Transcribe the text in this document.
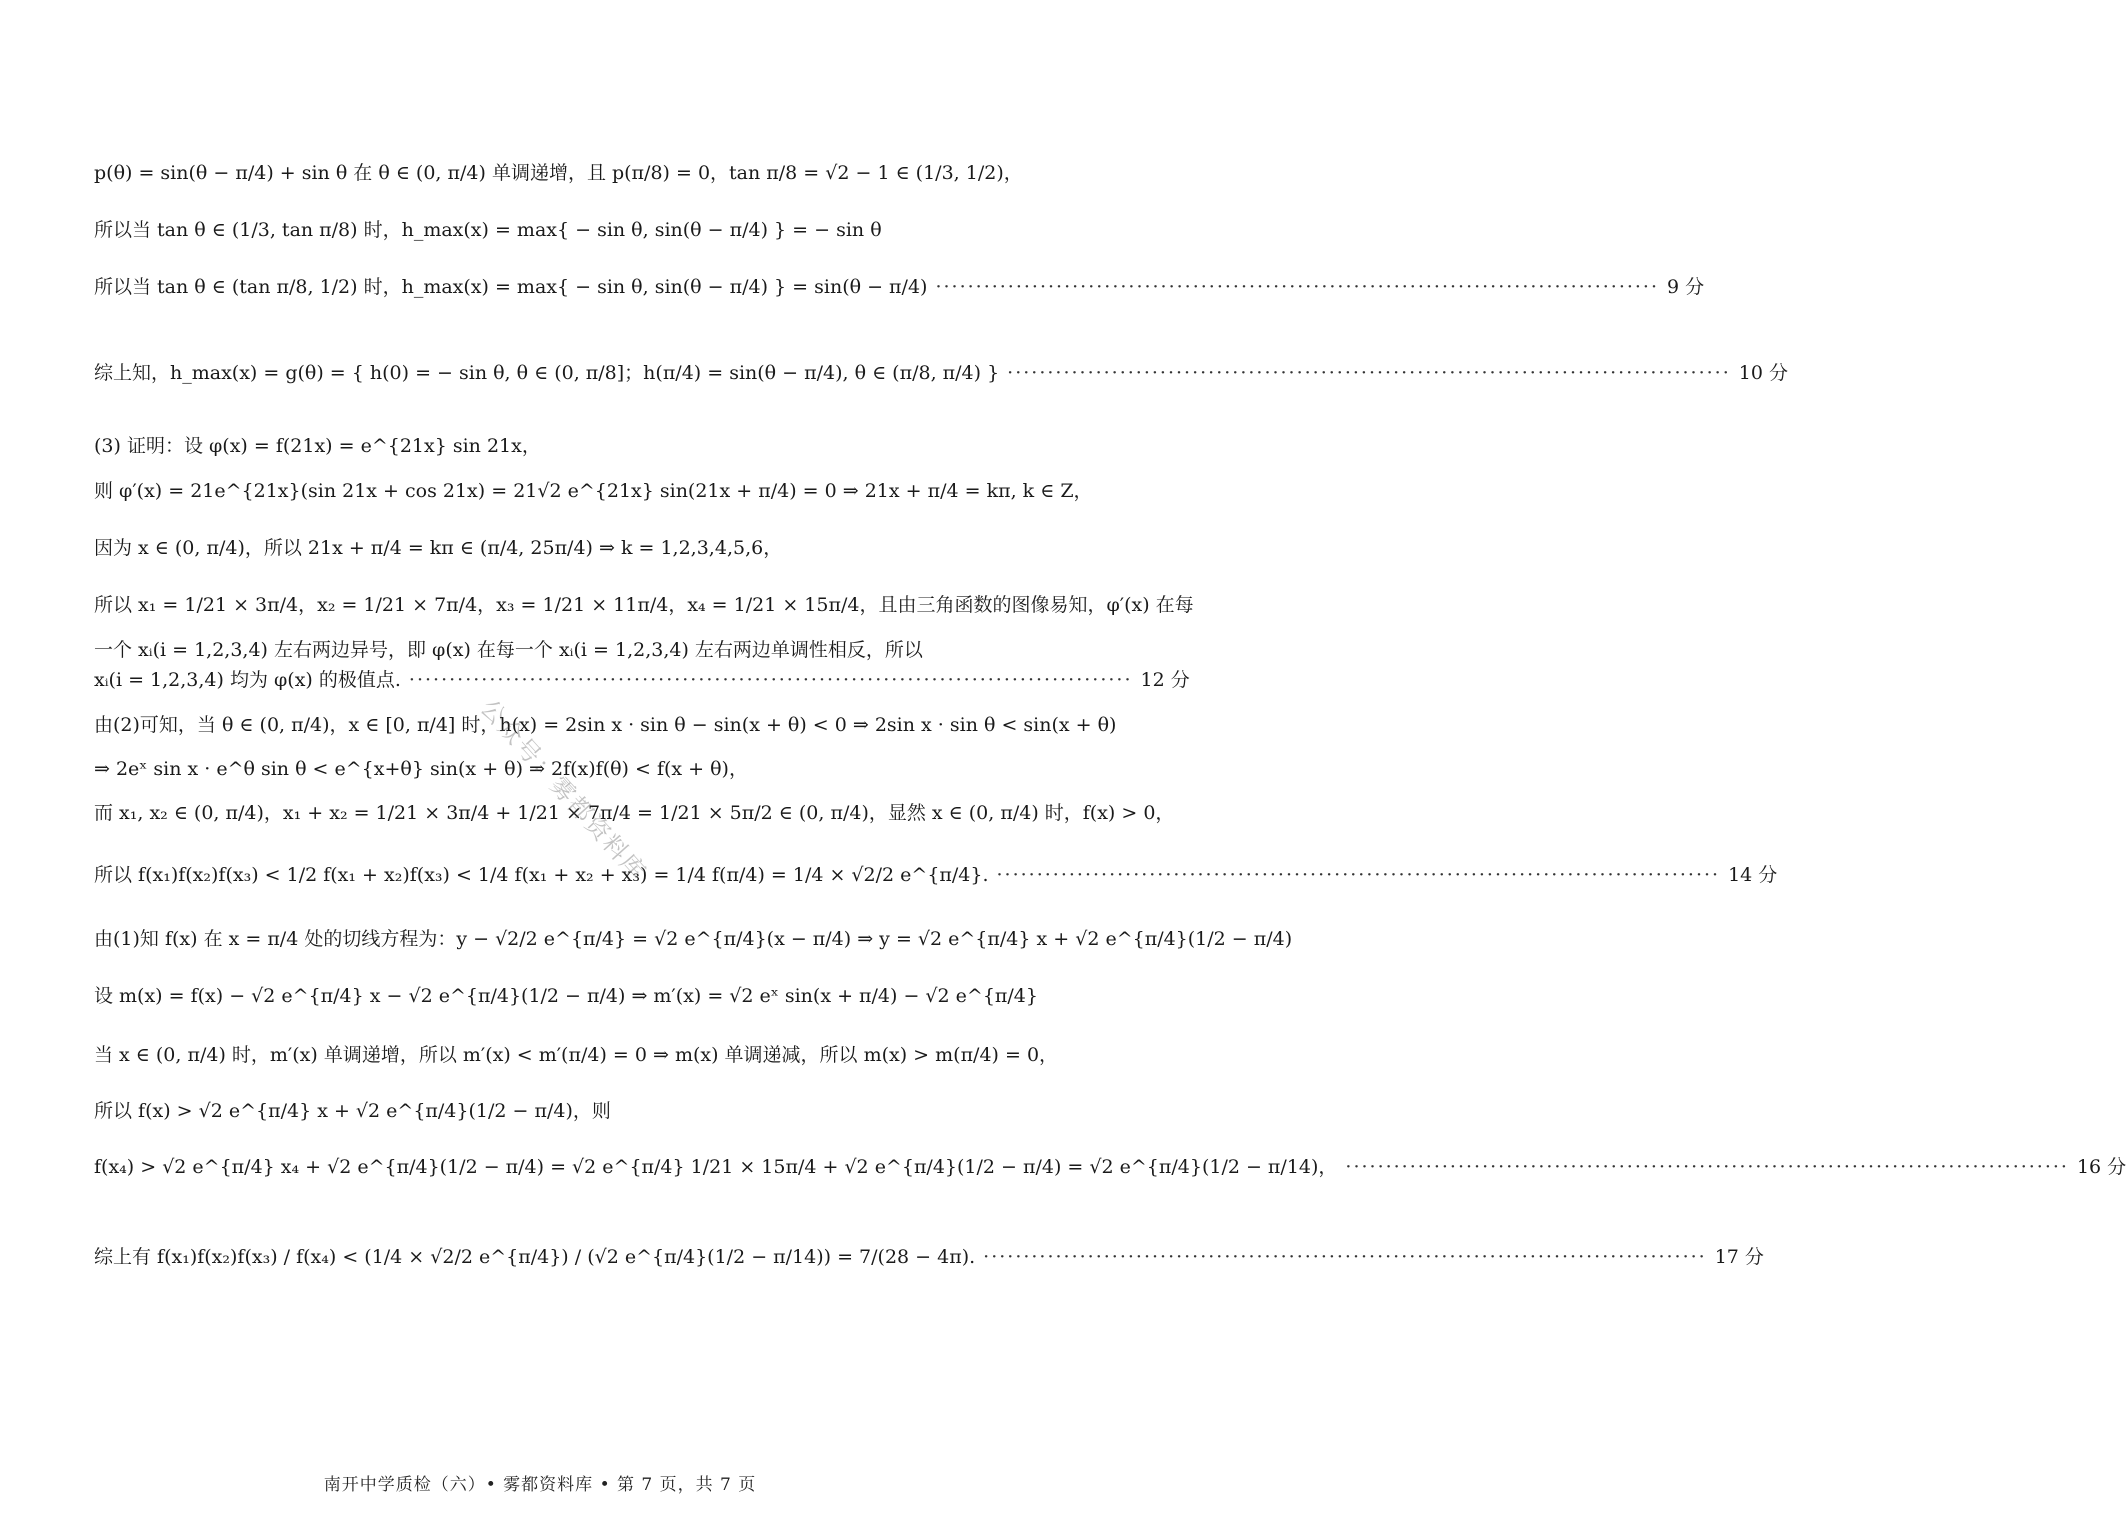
p(θ) = sin(θ − π/4) + sin θ 在 θ ∈ (0, π/4) 单调递增，且 p(π/8) = 0，tan π/8 = √2 − 1 ∈ (1/3, 1/2)，
所以当 tan θ ∈ (1/3, tan π/8) 时，h_max(x) = max{ − sin θ, sin(θ − π/4) } = − sin θ
所以当 tan θ ∈ (tan π/8, 1/2) 时，h_max(x) = max{ − sin θ, sin(θ − π/4) } = sin(θ − π/4) ·····	9 分
综上知，h_max(x) = g(θ) = { h(0) = − sin θ, θ ∈ (0, π/8]；h(π/4) = sin(θ − π/4), θ ∈ (π/8, π/4) } ·····	10 分
(3) 证明：设 φ(x) = f(21x) = e^{21x} sin 21x，
则 φ′(x) = 21e^{21x}(sin 21x + cos 21x) = 21√2 e^{21x} sin(21x + π/4) = 0 ⇒ 21x + π/4 = kπ, k ∈ Z，
因为 x ∈ (0, π/4)，所以 21x + π/4 = kπ ∈ (π/4, 25π/4) ⇒ k = 1,2,3,4,5,6，
所以 x₁ = 1/21 × 3π/4，x₂ = 1/21 × 7π/4，x₃ = 1/21 × 11π/4，x₄ = 1/21 × 15π/4，且由三角函数的图像易知，φ′(x) 在每
一个 xᵢ(i = 1,2,3,4) 左右两边异号，即 φ(x) 在每一个 xᵢ(i = 1,2,3,4) 左右两边单调性相反，所以
xᵢ(i = 1,2,3,4) 均为 φ(x) 的极值点. ·····	12 分
由(2)可知，当 θ ∈ (0, π/4)，x ∈ [0, π/4] 时，h(x) = 2sin x · sin θ − sin(x + θ) < 0 ⇒ 2sin x · sin θ < sin(x + θ)
⇒ 2eˣ sin x · e^θ sin θ < e^{x+θ} sin(x + θ) ⇒ 2f(x)f(θ) < f(x + θ)，
而 x₁, x₂ ∈ (0, π/4)，x₁ + x₂ = 1/21 × 3π/4 + 1/21 × 7π/4 = 1/21 × 5π/2 ∈ (0, π/4)，显然 x ∈ (0, π/4) 时，f(x) > 0，
所以 f(x₁)f(x₂)f(x₃) < 1/2 f(x₁ + x₂)f(x₃) < 1/4 f(x₁ + x₂ + x₃) = 1/4 f(π/4) = 1/4 × √2/2 e^{π/4}. ·····	14 分
由(1)知 f(x) 在 x = π/4 处的切线方程为：y − √2/2 e^{π/4} = √2 e^{π/4}(x − π/4) ⇒ y = √2 e^{π/4} x + √2 e^{π/4}(1/2 − π/4)
设 m(x) = f(x) − √2 e^{π/4} x − √2 e^{π/4}(1/2 − π/4) ⇒ m′(x) = √2 eˣ sin(x + π/4) − √2 e^{π/4}
当 x ∈ (0, π/4) 时，m′(x) 单调递增，所以 m′(x) < m′(π/4) = 0 ⇒ m(x) 单调递减，所以 m(x) > m(π/4) = 0，
所以 f(x) > √2 e^{π/4} x + √2 e^{π/4}(1/2 − π/4)，则
f(x₄) > √2 e^{π/4} x₄ + √2 e^{π/4}(1/2 − π/4) = √2 e^{π/4} 1/21 × 15π/4 + √2 e^{π/4}(1/2 − π/4) = √2 e^{π/4}(1/2 − π/14)， ·····	16 分
综上有 f(x₁)f(x₂)f(x₃) / f(x₄) < (1/4 × √2/2 e^{π/4}) / (√2 e^{π/4}(1/2 − π/14)) = 7/(28 − 4π). ·····	17 分
公众号：雾都资料库
南开中学质检（六）• 雾都资料库 • 第 7 页，共 7 页
